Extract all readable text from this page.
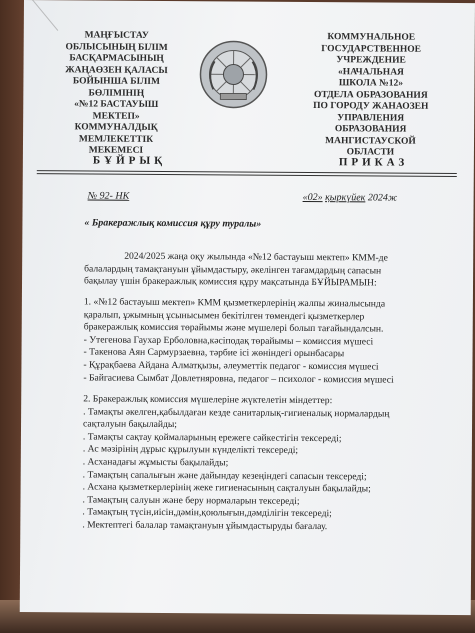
МАҢҒЫСТАУ
ОБЛЫСЫНЫҢ БІЛІМ
БАСҚАРМАСЫНЫҢ
ЖАҢАӨЗЕН ҚАЛАСЫ
БОЙЫНША БІЛІМ
БӨЛІМІНІҢ
«№12 БАСТАУЫШ
МЕКТЕП»
КОММУНАЛДЫҚ
МЕМЛЕКЕТТІК
МЕКЕМЕСІ
КОММУНАЛЬНОЕ
ГОСУДАРСТВЕННОЕ
УЧРЕЖДЕНИЕ
«НАЧАЛЬНАЯ
ШКОЛА №12»
ОТДЕЛА ОБРАЗОВАНИЯ
ПО ГОРОДУ ЖАНАОЗЕН
УПРАВЛЕНИЯ
ОБРАЗОВАНИЯ
МАНГИСТАУСКОЙ
ОБЛАСТИ
БҰЙРЫҚ	ПРИКАЗ
№ 92- НК	«02» қыркүйек 2024ж
« Бракеражлық комиссия құру туралы»
2024/2025 жаңа оқу жылында «№12 бастауыш мектеп» КММ-де
балалардың тамақтануын ұйымдастыру, әкелінген тағамдардың сапасын
бақылау үшін бракеражлық комиссия құру мақсатында БҰЙЫРАМЫН:
1. «№12 бастауыш мектеп» КММ қызметкерлерінің жалпы жиналысында
қаралып, ұжымның ұсынысымен бекітілген төмендегі қызметкерлер
бракеражлық комиссия төрайымы және мүшелері болып тағайындалсын.
- Утегенова Гаухар Ерболовна,кәсіподақ төрайымы – комиссия мүшесі
- Такенова Аян Сармурзаевна, тәрбие ісі жөніндегі орынбасары
- Құрақбаева Айдана Алматқызы, әлеуметтік педагог - комиссия мүшесі
- Байгасиева Сымбат Довлетняровна, педагог – психолог - комиссия мүшесі
2. Бракеражлық комиссия мүшелеріне жүктелетін міндеттер:
. Тамақты әкелген,қабылдаған кезде санитарлық-гигиеналық нормалардың
сақталуын бақылайды;
. Тамақты сақтау қоймаларының ережеге сәйкестігін тексереді;
. Ас мәзірінің дұрыс құрылуын күнделікті тексереді;
. Асханадағы жұмысты бақылайды;
. Тамақтың сапалығын және дайындау кезеңіндегі сапасын тексереді;
. Асхана қызметкерлерінің жеке гигиенасының сақталуын бақылайды;
. Тамақтың салуын және беру нормаларын тексереді;
. Тамақтың түсін,иісін,дәмін,қоюлығын,дәмділігін тексереді;
. Мектептегі балалар тамақтануын ұйымдастыруды бағалау.
